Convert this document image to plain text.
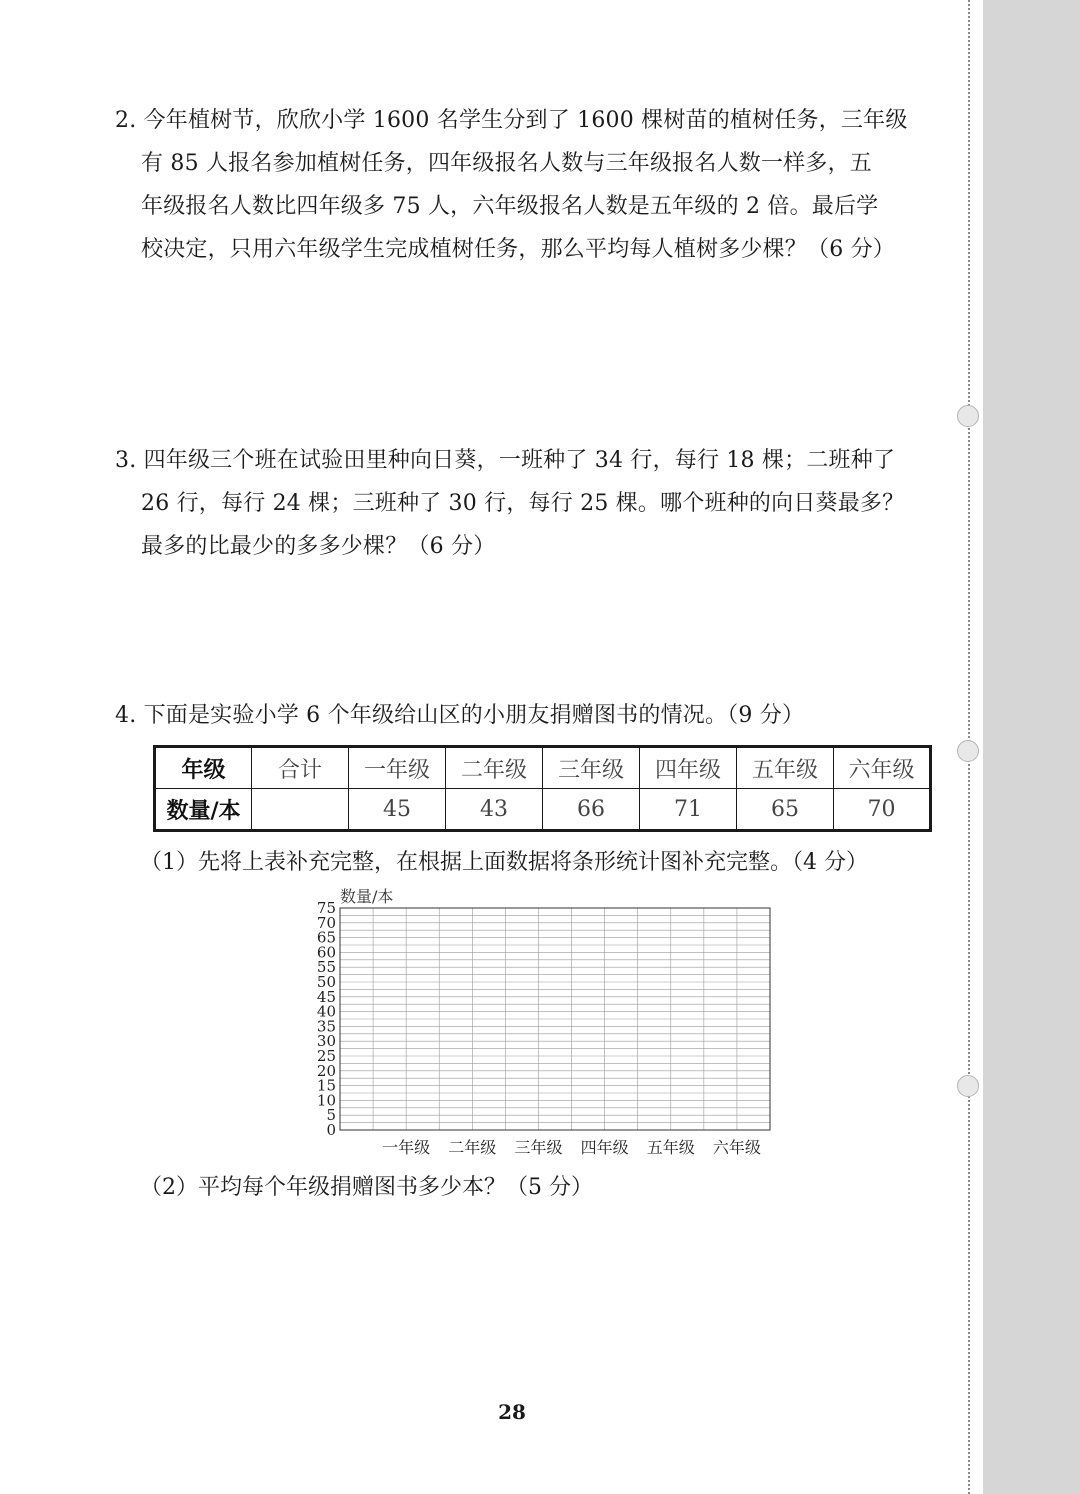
2. 今年植树节，欣欣小学 1600 名学生分到了 1600 棵树苗的植树任务，三年级
有 85 人报名参加植树任务，四年级报名人数与三年级报名人数一样多，五
年级报名人数比四年级多 75 人，六年级报名人数是五年级的 2 倍。最后学
校决定，只用六年级学生完成植树任务，那么平均每人植树多少棵？（6 分）
3. 四年级三个班在试验田里种向日葵，一班种了 34 行，每行 18 棵；二班种了
26 行，每行 24 棵；三班种了 30 行，每行 25 棵。哪个班种的向日葵最多？
最多的比最少的多多少棵？（6 分）
4. 下面是实验小学 6 个年级给山区的小朋友捐赠图书的情况。（9 分）
年级	合计	一年级	二年级	三年级	四年级	五年级	六年级
数量/本		45	43	66	71	65	70
（1）先将上表补充完整，在根据上面数据将条形统计图补充完整。（4 分）
0
5
10
15
20
25
30
35
40
45
50
55
60
65
70
75
数量/本
一年级 二年级 三年级 四年级 五年级 六年级
（2）平均每个年级捐赠图书多少本？（5 分）
28
